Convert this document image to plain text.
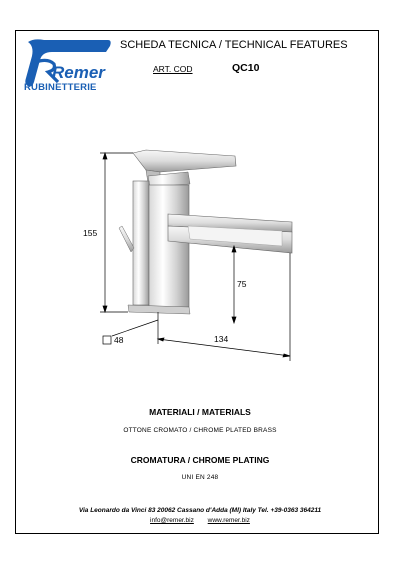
Remer
RUBINETTERIE
SCHEDA TECNICA / TECHNICAL FEATURES
ART. COD	QC10
155
75
48	134
MATERIALI / MATERIALS
OTTONE CROMATO / CHROME PLATED BRASS
CROMATURA / CHROME PLATING
UNI EN 248
Via Leonardo da Vinci 83 20062 Cassano d'Adda (MI) Italy Tel. +39-0363 364211
info@remer.biz www.remer.biz
